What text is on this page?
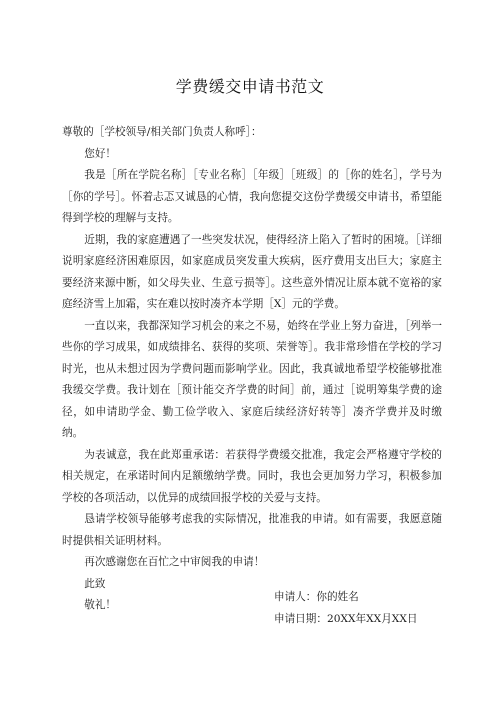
学费缓交申请书范文

尊敬的［学校领导/相关部门负责人称呼］：

您好！

我是［所在学院名称］［专业名称］［年级］［班级］的［你的姓名］，学号为［你的学号］。怀着忐忑又诚恳的心情，我向您提交这份学费缓交申请书，希望能得到学校的理解与支持。

近期，我的家庭遭遇了一些突发状况，使得经济上陷入了暂时的困境。［详细说明家庭经济困难原因，如家庭成员突发重大疾病，医疗费用支出巨大；家庭主要经济来源中断，如父母失业、生意亏损等］。这些意外情况让原本就不宽裕的家庭经济雪上加霜，实在难以按时凑齐本学期［X］元的学费。

一直以来，我都深知学习机会的来之不易，始终在学业上努力奋进，［列举一些你的学习成果，如成绩排名、获得的奖项、荣誉等］。我非常珍惜在学校的学习时光，也从未想过因为学费问题而影响学业。因此，我真诚地希望学校能够批准我缓交学费。我计划在［预计能交齐学费的时间］前，通过［说明筹集学费的途径，如申请助学金、勤工俭学收入、家庭后续经济好转等］凑齐学费并及时缴纳。

为表诚意，我在此郑重承诺：若获得学费缓交批准，我定会严格遵守学校的相关规定，在承诺时间内足额缴纳学费。同时，我也会更加努力学习，积极参加学校的各项活动，以优异的成绩回报学校的关爱与支持。

恳请学校领导能够考虑我的实际情况，批准我的申请。如有需要，我愿意随时提供相关证明材料。

再次感谢您在百忙之中审阅我的申请！

此致

敬礼！

申请人：你的姓名
申请日期：20XX年XX月XX日
